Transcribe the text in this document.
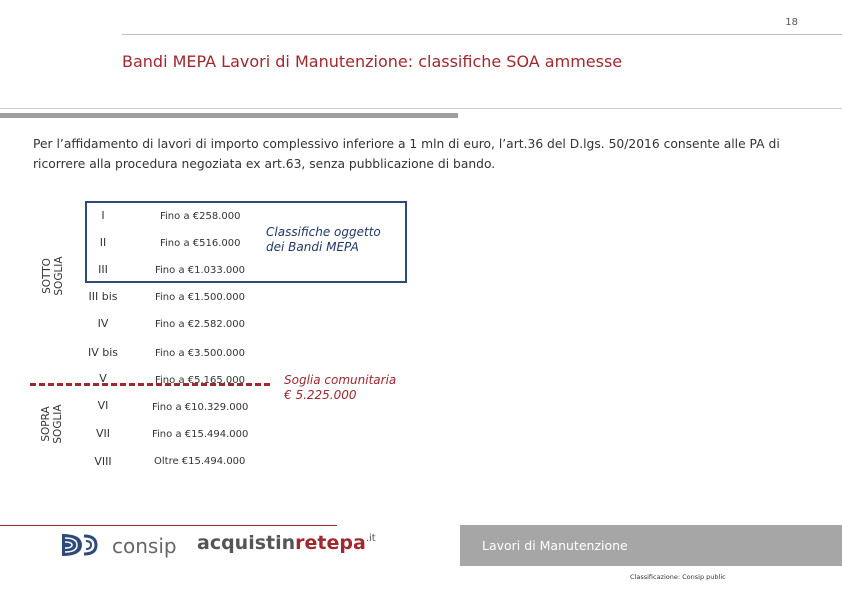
18
Bandi MEPA Lavori di Manutenzione: classifiche SOA ammesse
Per l’affidamento di lavori di importo complessivo inferiore a 1 mln di euro, l’art.36 del D.lgs. 50/2016 consente alle PA di ricorrere alla procedura negoziata ex art.63, senza pubblicazione di bando.
SOTTO SOGLIA
SOPRA SOGLIA
I	Fino a €258.000
II	Fino a €516.000
III	Fino a €1.033.000
III bis	Fino a €1.500.000
IV	Fino a €2.582.000
IV bis	Fino a €3.500.000
V	Fino a €5.165.000
VI	Fino a €10.329.000
VII	Fino a €15.494.000
VIII	Oltre €15.494.000
Classifiche oggetto
dei Bandi MEPA
Soglia comunitaria
€ 5.225.000
consip acquistinretepa$^{.it}$	Lavori di Manutenzione
Classificazione: Consip public
